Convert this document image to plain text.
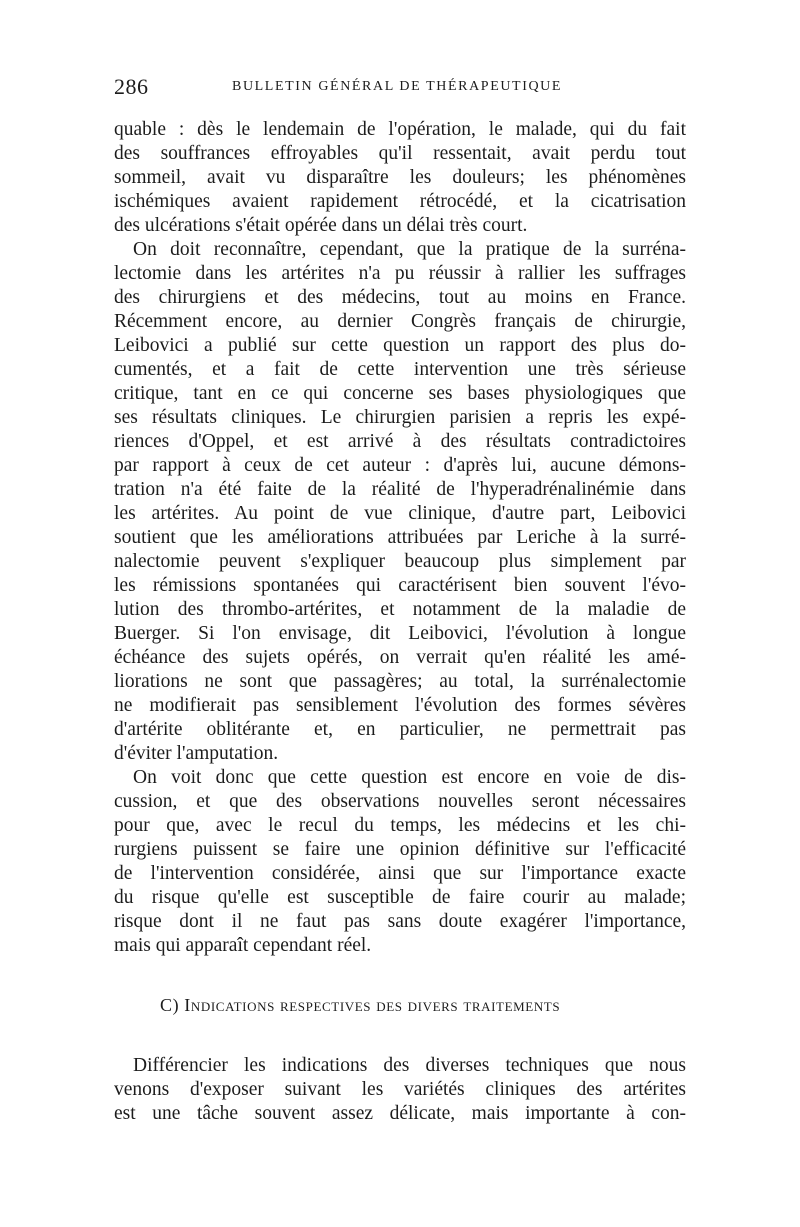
286	BULLETIN GÉNÉRAL DE THÉRAPEUTIQUE
quable : dès le lendemain de l'opération, le malade, qui du fait
des souffrances effroyables qu'il ressentait, avait perdu tout
sommeil, avait vu disparaître les douleurs; les phénomènes
ischémiques avaient rapidement rétrocédé, et la cicatrisation
des ulcérations s'était opérée dans un délai très court.
On doit reconnaître, cependant, que la pratique de la surréna-
lectomie dans les artérites n'a pu réussir à rallier les suffrages
des chirurgiens et des médecins, tout au moins en France.
Récemment encore, au dernier Congrès français de chirurgie,
Leibovici a publié sur cette question un rapport des plus do-
cumentés, et a fait de cette intervention une très sérieuse
critique, tant en ce qui concerne ses bases physiologiques que
ses résultats cliniques. Le chirurgien parisien a repris les expé-
riences d'Oppel, et est arrivé à des résultats contradictoires
par rapport à ceux de cet auteur : d'après lui, aucune démons-
tration n'a été faite de la réalité de l'hyperadrénalinémie dans
les artérites. Au point de vue clinique, d'autre part, Leibovici
soutient que les améliorations attribuées par Leriche à la surré-
nalectomie peuvent s'expliquer beaucoup plus simplement par
les rémissions spontanées qui caractérisent bien souvent l'évo-
lution des thrombo-artérites, et notamment de la maladie de
Buerger. Si l'on envisage, dit Leibovici, l'évolution à longue
échéance des sujets opérés, on verrait qu'en réalité les amé-
liorations ne sont que passagères; au total, la surrénalectomie
ne modifierait pas sensiblement l'évolution des formes sévères
d'artérite oblitérante et, en particulier, ne permettrait pas
d'éviter l'amputation.
On voit donc que cette question est encore en voie de dis-
cussion, et que des observations nouvelles seront nécessaires
pour que, avec le recul du temps, les médecins et les chi-
rurgiens puissent se faire une opinion définitive sur l'efficacité
de l'intervention considérée, ainsi que sur l'importance exacte
du risque qu'elle est susceptible de faire courir au malade;
risque dont il ne faut pas sans doute exagérer l'importance,
mais qui apparaît cependant réel.
C) Indications respectives des divers traitements
Différencier les indications des diverses techniques que nous
venons d'exposer suivant les variétés cliniques des artérites
est une tâche souvent assez délicate, mais importante à con-
